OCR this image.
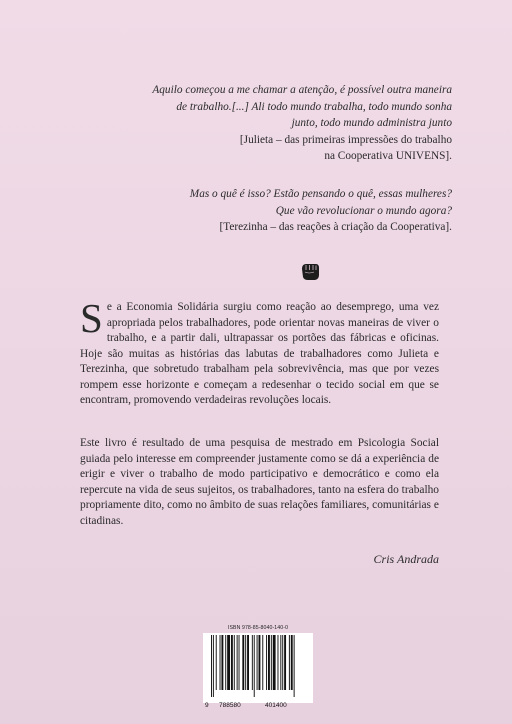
Aquilo começou a me chamar a atenção, é possível outra maneira
de trabalho.[...] Ali todo mundo trabalha, todo mundo sonha
junto, todo mundo administra junto
[Julieta – das primeiras impressões do trabalho
na Cooperativa UNIVENS].
Mas o quê é isso? Estão pensando o quê, essas mulheres?
Que vão revolucionar o mundo agora?
[Terezinha – das reações à criação da Cooperativa].

Se a Economia Solidária surgiu como reação ao desemprego, uma vez apropriada pelos trabalhadores, pode orientar novas maneiras de viver o trabalho, e a partir dali, ultrapassar os portões das fábricas e oficinas. Hoje são muitas as histórias das labutas de trabalhadores como Julieta e Terezinha, que sobretudo trabalham pela sobrevivência, mas que por vezes rompem esse horizonte e começam a redesenhar o tecido social em que se encontram, promovendo verdadeiras revoluções locais.

Este livro é resultado de uma pesquisa de mestrado em Psicologia Social guiada pelo interesse em compreender justamente como se dá a experiência de erigir e viver o trabalho de modo participativo e democrático e como ela repercute na vida de seus sujeitos, os trabalhadores, tanto na esfera do trabalho propriamente dito, como no âmbito de suas relações familiares, comunitárias e citadinas.

Cris Andrada
ISBN 978-85-8040-140-0
9 788580	401400
